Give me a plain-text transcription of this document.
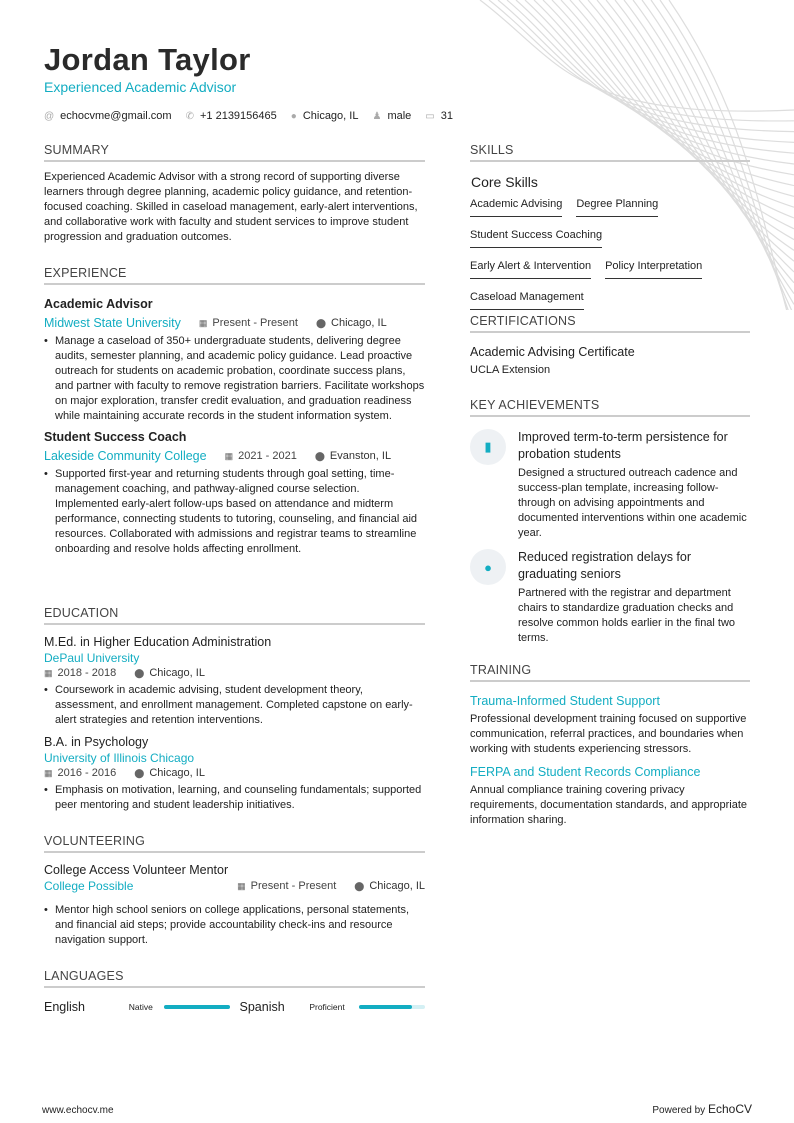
Jordan Taylor
Experienced Academic Advisor
@ echocvme@gmail.com ✆ +1 2139156465 ● Chicago, IL ♟ male ▭ 31
SUMMARY
Experienced Academic Advisor with a strong record of supporting diverse learners through degree planning, academic policy guidance, and retention-focused coaching. Skilled in caseload management, early-alert interventions, and collaborative work with faculty and student services to improve student progression and graduation outcomes.
EXPERIENCE
Academic Advisor
Midwest State University ▦ Present - Present ⬤ Chicago, IL
• Manage a caseload of 350+ undergraduate students, delivering degree audits, semester planning, and academic policy guidance. Lead proactive outreach for students on academic probation, coordinate success plans, and partner with faculty to remove registration barriers. Facilitate workshops on major exploration, transfer credit evaluation, and graduation readiness while maintaining accurate records in the student information system.
Student Success Coach
Lakeside Community College ▦ 2021 - 2021 ⬤ Evanston, IL
• Supported first-year and returning students through goal setting, time-management coaching, and pathway-aligned course selection. Implemented early-alert follow-ups based on attendance and midterm performance, connecting students to tutoring, counseling, and financial aid resources. Collaborated with admissions and registrar teams to streamline onboarding and resolve holds affecting enrollment.
EDUCATION
M.Ed. in Higher Education Administration
DePaul University
▦ 2018 - 2018 ⬤ Chicago, IL
• Coursework in academic advising, student development theory, assessment, and enrollment management. Completed capstone on early-alert strategies and retention interventions.
B.A. in Psychology
University of Illinois Chicago
▦ 2016 - 2016 ⬤ Chicago, IL
• Emphasis on motivation, learning, and counseling fundamentals; supported peer mentoring and student leadership initiatives.
VOLUNTEERING
College Access Volunteer Mentor
College Possible	▦ Present - Present ⬤ Chicago, IL
• Mentor high school seniors on college applications, personal statements, and financial aid steps; provide accountability check-ins and resource navigation support.
LANGUAGES
English	Native	Spanish	Proficient
SKILLS
Core Skills
Academic Advising Degree PlanningStudent Success CoachingEarly Alert & Intervention Policy InterpretationCaseload Management
CERTIFICATIONS
Academic Advising Certificate
UCLA Extension
KEY ACHIEVEMENTS
▮
Improved term-to-term persistence for probation students
Designed a structured outreach cadence and success-plan template, increasing follow-through on advising appointments and documented interventions within one academic year.
●
Reduced registration delays for graduating seniors
Partnered with the registrar and department chairs to standardize graduation checks and resolve common holds earlier in the final two terms.
TRAINING
Trauma-Informed Student Support
Professional development training focused on supportive communication, referral practices, and boundaries when working with students experiencing stressors.
FERPA and Student Records Compliance
Annual compliance training covering privacy requirements, documentation standards, and appropriate information sharing.
www.echocv.me	Powered by EchoCV
